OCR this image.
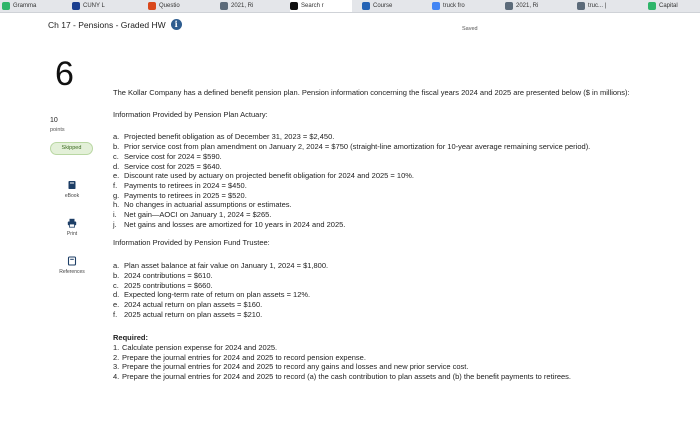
Gramma	CUNY L	Questio	2021, Ri	Search r	Course	truck fro	2021, Ri	truc... |	Capital
Ch 17 - Pensions - Graded HW	i	Saved
6
10
points
Skipped
eBook
Print
References

The Kollar Company has a defined benefit pension plan. Pension information concerning the fiscal years 2024 and 2025 are presented below ($ in millions):

Information Provided by Pension Plan Actuary:

a. Projected benefit obligation as of December 31, 2023 = $2,450.
b. Prior service cost from plan amendment on January 2, 2024 = $750 (straight-line amortization for 10-year average remaining service period).
c. Service cost for 2024 = $590.
d. Service cost for 2025 = $640.
e. Discount rate used by actuary on projected benefit obligation for 2024 and 2025 = 10%.
f. Payments to retirees in 2024 = $450.
g. Payments to retirees in 2025 = $520.
h. No changes in actuarial assumptions or estimates.
i. Net gain—AOCI on January 1, 2024 = $265.
j. Net gains and losses are amortized for 10 years in 2024 and 2025.

Information Provided by Pension Fund Trustee:

a. Plan asset balance at fair value on January 1, 2024 = $1,800.
b. 2024 contributions = $610.
c. 2025 contributions = $660.
d. Expected long-term rate of return on plan assets = 12%.
e. 2024 actual return on plan assets = $160.
f. 2025 actual return on plan assets = $210.

Required:

1. Calculate pension expense for 2024 and 2025.
2. Prepare the journal entries for 2024 and 2025 to record pension expense.
3. Prepare the journal entries for 2024 and 2025 to record any gains and losses and new prior service cost.
4. Prepare the journal entries for 2024 and 2025 to record (a) the cash contribution to plan assets and (b) the benefit payments to retirees.
